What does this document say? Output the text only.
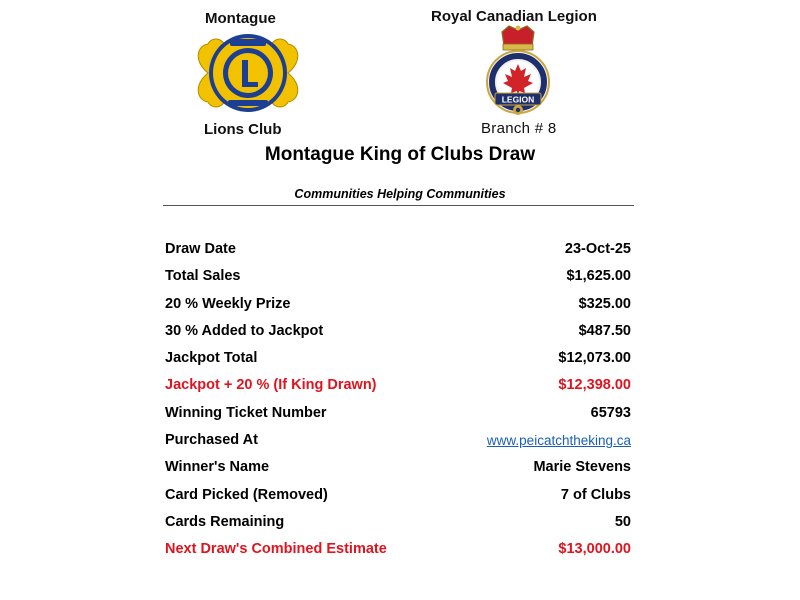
Montague
Lions Club
Royal Canadian Legion
LEGION
Branch # 8
Montague King of Clubs Draw
Communities Helping Communities
Draw Date	23-Oct-25
Total Sales	$1,625.00
20 % Weekly Prize	$325.00
30 % Added to Jackpot	$487.50
Jackpot Total	$12,073.00
Jackpot + 20 % (If King Drawn)	$12,398.00
Winning Ticket Number	65793
Purchased At	www.peicatchtheking.ca
Winner's Name	Marie Stevens
Card Picked (Removed)	7 of Clubs
Cards Remaining	50
Next Draw's Combined Estimate	$13,000.00
